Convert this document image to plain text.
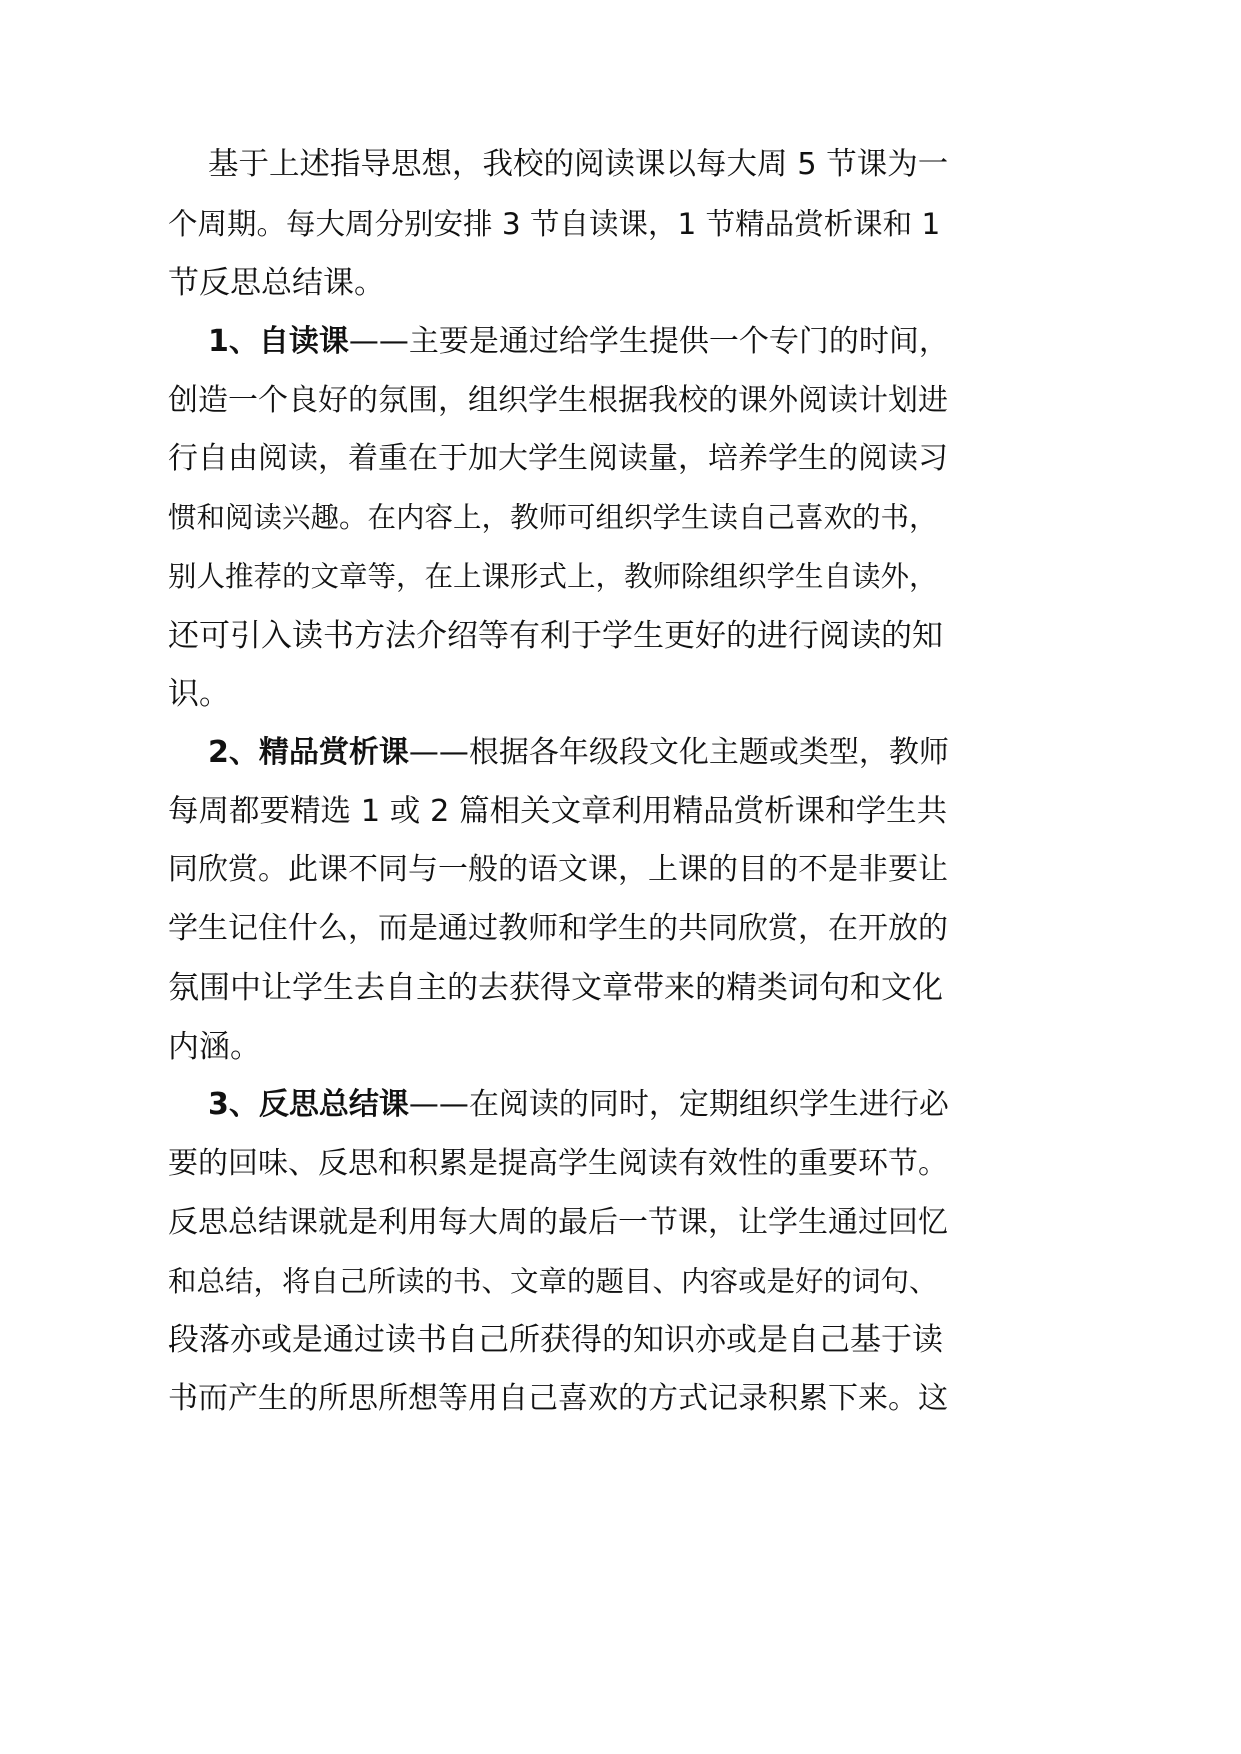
基于上述指导思想，我校的阅读课以每大周 5 节课为一

个周期。每大周分别安排 3 节自读课，1 节精品赏析课和 1

节反思总结课。

1、自读课——主要是通过给学生提供一个专门的时间，

创造一个良好的氛围，组织学生根据我校的课外阅读计划进

行自由阅读，着重在于加大学生阅读量，培养学生的阅读习

惯和阅读兴趣。在内容上，教师可组织学生读自己喜欢的书，

别人推荐的文章等，在上课形式上，教师除组织学生自读外，

还可引入读书方法介绍等有利于学生更好的进行阅读的知

识。

2、精品赏析课——根据各年级段文化主题或类型，教师

每周都要精选 1 或 2 篇相关文章利用精品赏析课和学生共

同欣赏。此课不同与一般的语文课，上课的目的不是非要让

学生记住什么，而是通过教师和学生的共同欣赏，在开放的

氛围中让学生去自主的去获得文章带来的精类词句和文化

内涵。

3、反思总结课——在阅读的同时，定期组织学生进行必

要的回味、反思和积累是提高学生阅读有效性的重要环节。

反思总结课就是利用每大周的最后一节课，让学生通过回忆

和总结，将自己所读的书、文章的题目、内容或是好的词句、

段落亦或是通过读书自己所获得的知识亦或是自己基于读

书而产生的所思所想等用自己喜欢的方式记录积累下来。这
